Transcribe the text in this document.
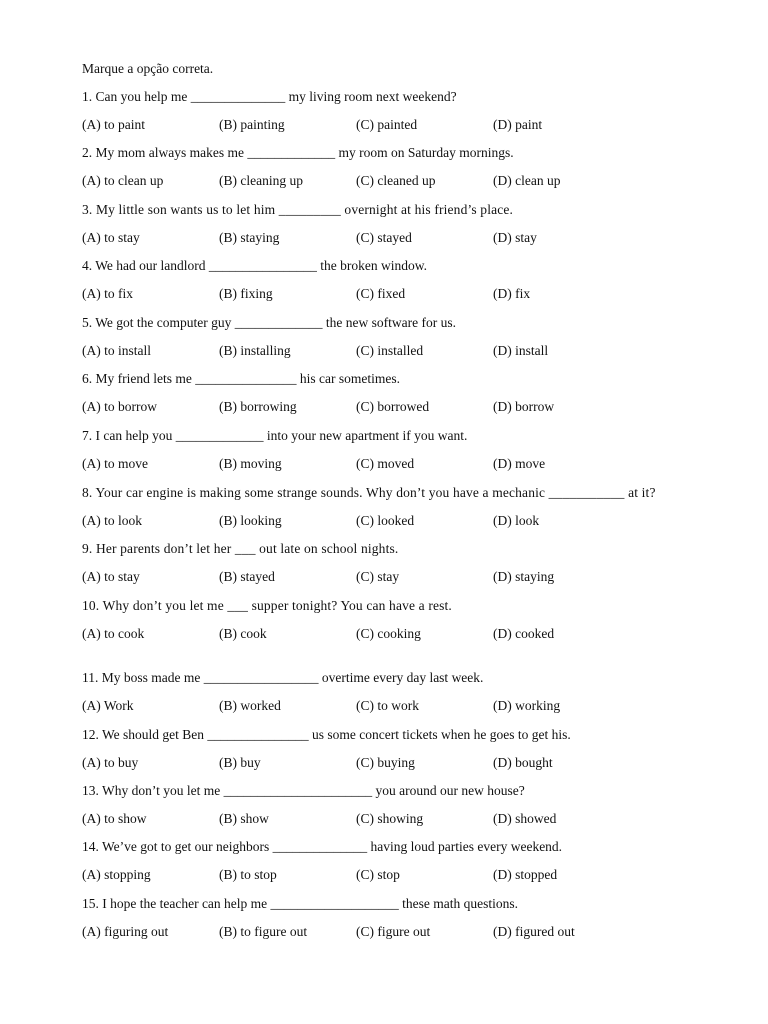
Marque a opção correta.
1. Can you help me ______________ my living room next weekend?
(A) to paint	(B) painting	(C) painted	(D) paint
2. My mom always makes me _____________ my room on Saturday mornings.
(A) to clean up	(B) cleaning up	(C) cleaned up	(D) clean up
3. My little son wants us to let him _________ overnight at his friend’s place.
(A) to stay	(B) staying	(C) stayed	(D) stay
4. We had our landlord ________________ the broken window.
(A) to fix	(B) fixing	(C) fixed	(D) fix
5. We got the computer guy _____________ the new software for us.
(A) to install	(B) installing	(C) installed	(D) install
6. My friend lets me _______________ his car sometimes.
(A) to borrow	(B) borrowing	(C) borrowed	(D) borrow
7. I can help you _____________ into your new apartment if you want.
(A) to move	(B) moving	(C) moved	(D) move
8. Your car engine is making some strange sounds. Why don’t you have a mechanic ___________ at it?
(A) to look	(B) looking	(C) looked	(D) look
9. Her parents don’t let her ___ out late on school nights.
(A) to stay	(B) stayed	(C) stay	(D) staying
10. Why don’t you let me ___ supper tonight? You can have a rest.
(A) to cook	(B) cook	(C) cooking	(D) cooked
11. My boss made me _________________ overtime every day last week.
(A) Work	(B) worked	(C) to work	(D) working
12. We should get Ben _______________ us some concert tickets when he goes to get his.
(A) to buy	(B) buy	(C) buying	(D) bought
13. Why don’t you let me ______________________ you around our new house?
(A) to show	(B) show	(C) showing	(D) showed
14. We’ve got to get our neighbors ______________ having loud parties every weekend.
(A) stopping	(B) to stop	(C) stop	(D) stopped
15. I hope the teacher can help me ___________________ these math questions.
(A) figuring out	(B) to figure out	(C) figure out	(D) figured out
